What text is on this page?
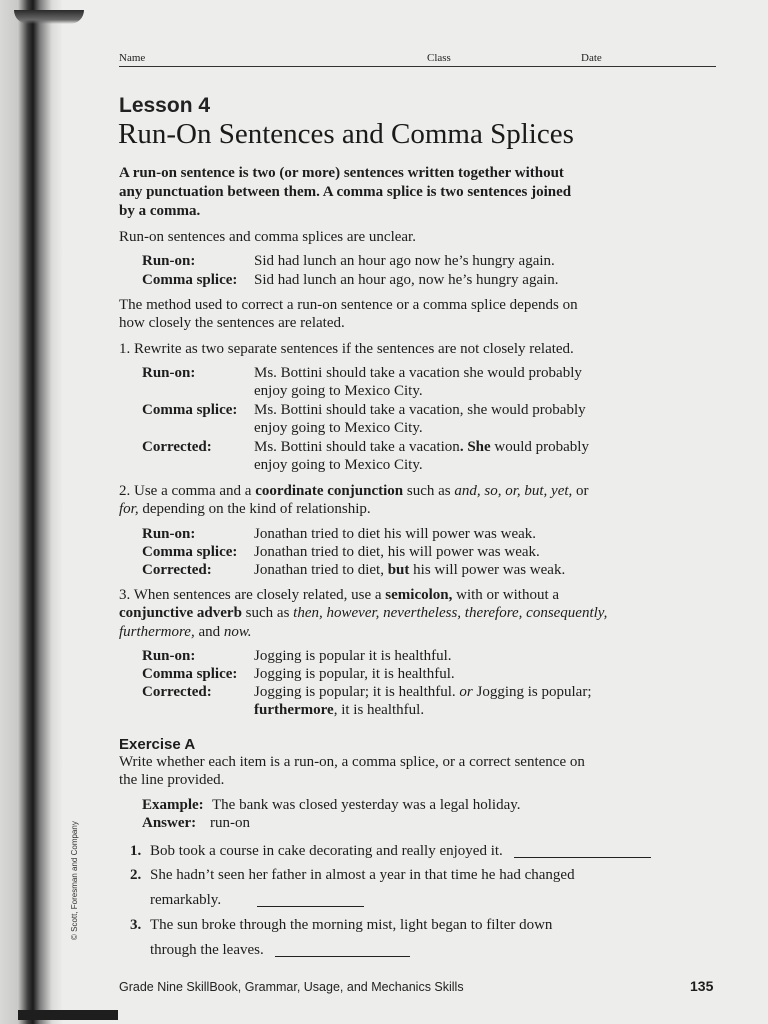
© Scott, Foresman and Company
Name	Class	Date
Lesson 4
Run-On Sentences and Comma Splices
A run-on sentence is two (or more) sentences written together without
any punctuation between them. A comma splice is two sentences joined
by a comma.
Run-on sentences and comma splices are unclear.
Run-on:	Sid had lunch an hour ago now he’s hungry again.
Comma splice: Sid had lunch an hour ago, now he’s hungry again.
The method used to correct a run-on sentence or a comma splice depends on
how closely the sentences are related.
1. Rewrite as two separate sentences if the sentences are not closely related.
Run-on:	Ms. Bottini should take a vacation she would probably
enjoy going to Mexico City.
Comma splice: Ms. Bottini should take a vacation, she would probably
enjoy going to Mexico City.
Corrected:	Ms. Bottini should take a vacation. She would probably
enjoy going to Mexico City.
2. Use a comma and a coordinate conjunction such as and, so, or, but, yet, or
for, depending on the kind of relationship.
Run-on:	Jonathan tried to diet his will power was weak.
Comma splice: Jonathan tried to diet, his will power was weak.
Corrected:	Jonathan tried to diet, but his will power was weak.
3. When sentences are closely related, use a semicolon, with or without a
conjunctive adverb such as then, however, nevertheless, therefore, consequently,
furthermore, and now.
Run-on:	Jogging is popular it is healthful.
Comma splice: Jogging is popular, it is healthful.
Corrected:	Jogging is popular; it is healthful. or Jogging is popular;
furthermore, it is healthful.
Exercise A
Write whether each item is a run-on, a comma splice, or a correct sentence on
the line provided.
Example: The bank was closed yesterday was a legal holiday.
Answer: run-on
1. Bob took a course in cake decorating and really enjoyed it.
2. She hadn’t seen her father in almost a year in that time he had changed
remarkably.
3. The sun broke through the morning mist, light began to filter down
through the leaves.
Grade Nine SkillBook, Grammar, Usage, and Mechanics Skills	135
